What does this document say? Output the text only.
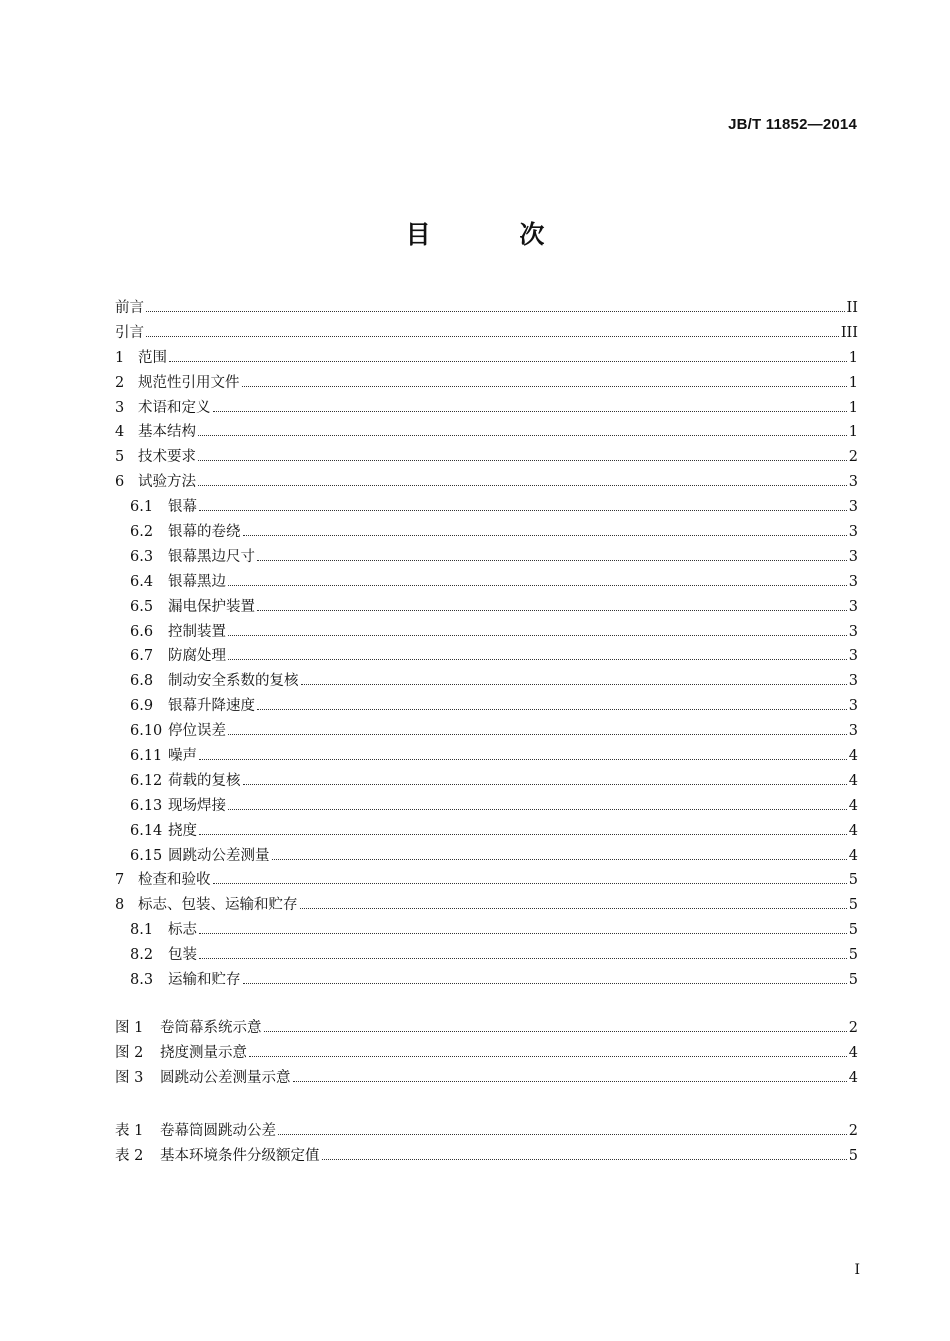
JB/T 11852—2014
目 次
前言	II
引言	III
1 范围	1
2 规范性引用文件	1
3 术语和定义	1
4 基本结构	1
5 技术要求	2
6 试验方法	3
6.1	银幕	3
6.2	银幕的卷绕	3
6.3	银幕黑边尺寸	3
6.4	银幕黑边	3
6.5	漏电保护装置	3
6.6	控制装置	3
6.7	防腐处理	3
6.8	制动安全系数的复核	3
6.9	银幕升降速度	3
6.10 停位误差	3
6.11 噪声	4
6.12 荷载的复核	4
6.13 现场焊接	4
6.14 挠度	4
6.15 圆跳动公差测量	4
7 检查和验收	5
8 标志、包装、运输和贮存	5
8.1	标志	5
8.2	包装	5
8.3	运输和贮存	5
图 1	卷筒幕系统示意	2
图 2	挠度测量示意	4
图 3	圆跳动公差测量示意	4
表 1	卷幕筒圆跳动公差	2
表 2	基本环境条件分级额定值	5
I
